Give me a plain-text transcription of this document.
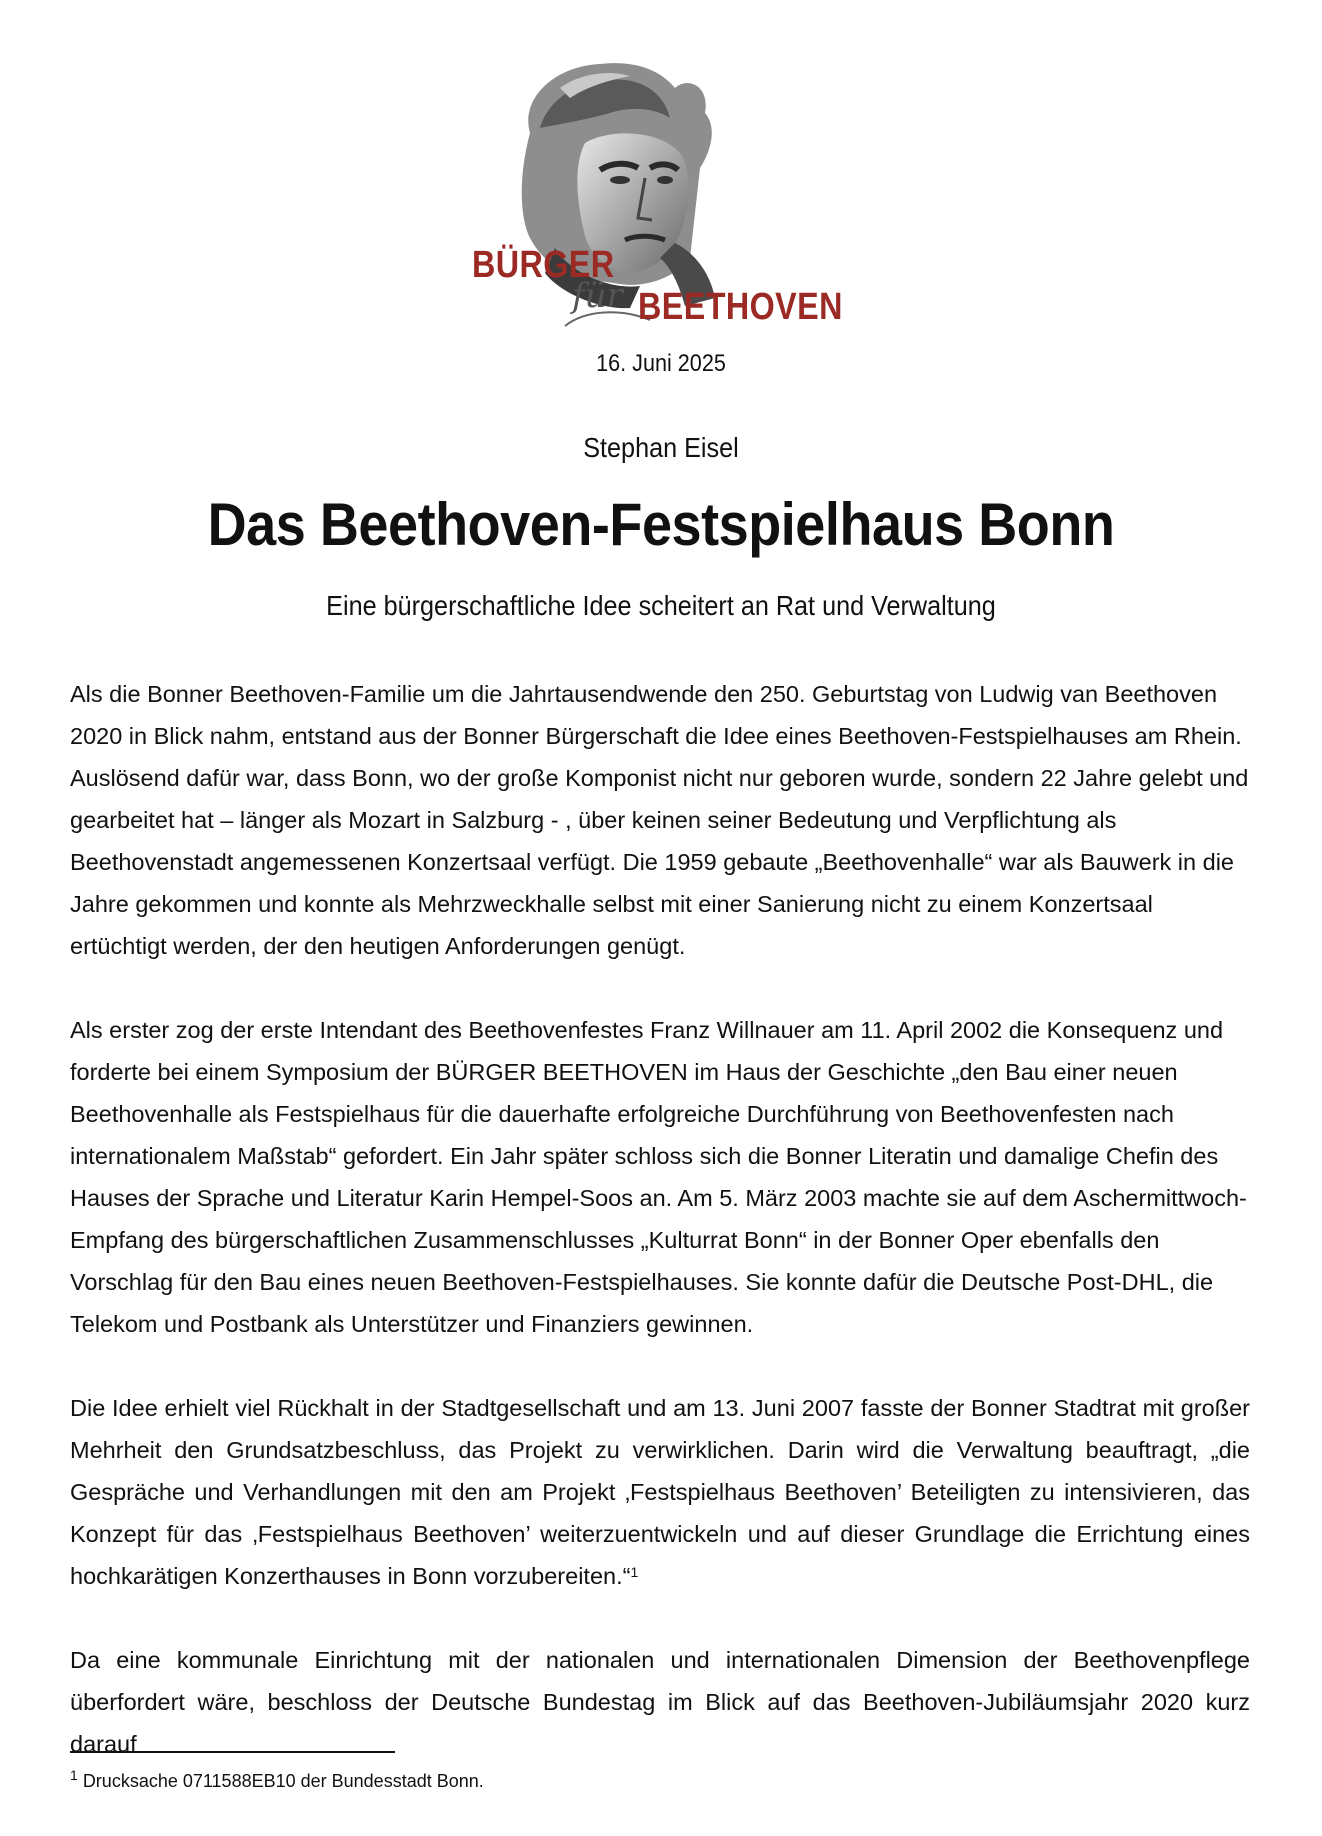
BÜRGER
für BEETHOVEN
16. Juni 2025
Stephan Eisel
Das Beethoven-Festspielhaus Bonn
Eine bürgerschaftliche Idee scheitert an Rat und Verwaltung

Als die Bonner Beethoven-Familie um die Jahrtausendwende den 250. Geburtstag von Ludwig van Beethoven 2020 in Blick nahm, entstand aus der Bonner Bürgerschaft die Idee eines Beethoven-Festspielhauses am Rhein. Auslösend dafür war, dass Bonn, wo der große Komponist nicht nur geboren wurde, sondern 22 Jahre gelebt und gearbeitet hat – länger als Mozart in Salzburg - , über keinen seiner Bedeutung und Verpflichtung als Beethovenstadt angemessenen Konzertsaal verfügt. Die 1959 gebaute „Beethovenhalle“ war als Bauwerk in die Jahre gekommen und konnte als Mehrzweckhalle selbst mit einer Sanierung nicht zu einem Konzertsaal ertüchtigt werden, der den heutigen Anforderungen genügt.

Als erster zog der erste Intendant des Beethovenfestes Franz Willnauer am 11. April 2002 die Konsequenz und forderte bei einem Symposium der BÜRGER BEETHOVEN im Haus der Geschichte „den Bau einer neuen Beethovenhalle als Festspielhaus für die dauerhafte erfolgreiche Durchführung von Beethovenfesten nach internationalem Maßstab“ gefordert. Ein Jahr später schloss sich die Bonner Literatin und damalige Chefin des Hauses der Sprache und Literatur Karin Hempel-Soos an. Am 5. März 2003 machte sie auf dem Aschermittwoch-Empfang des bürgerschaftlichen Zusammenschlusses „Kulturrat Bonn“ in der Bonner Oper ebenfalls den Vorschlag für den Bau eines neuen Beethoven-Festspielhauses. Sie konnte dafür die Deutsche Post-DHL, die Telekom und Postbank als Unterstützer und Finanziers gewinnen.

Die Idee erhielt viel Rückhalt in der Stadtgesellschaft und am 13. Juni 2007 fasste der Bonner Stadtrat mit großer Mehrheit den Grundsatzbeschluss, das Projekt zu verwirklichen. Darin wird die Verwaltung beauftragt, „die Gespräche und Verhandlungen mit den am Projekt ‚Festspielhaus Beethoven’ Beteiligten zu intensivieren, das Konzept für das ‚Festspielhaus Beethoven’ weiterzuentwickeln und auf dieser Grundlage die Errichtung eines hochkarätigen Konzerthauses in Bonn vorzubereiten.“$^1$

Da eine kommunale Einrichtung mit der nationalen und internationalen Dimension der Beethovenpflege überfordert wäre, beschloss der Deutsche Bundestag im Blick auf das Beethoven-Jubiläumsjahr 2020 kurz darauf

$^1$ Drucksache 0711588EB10 der Bundesstadt Bonn.
